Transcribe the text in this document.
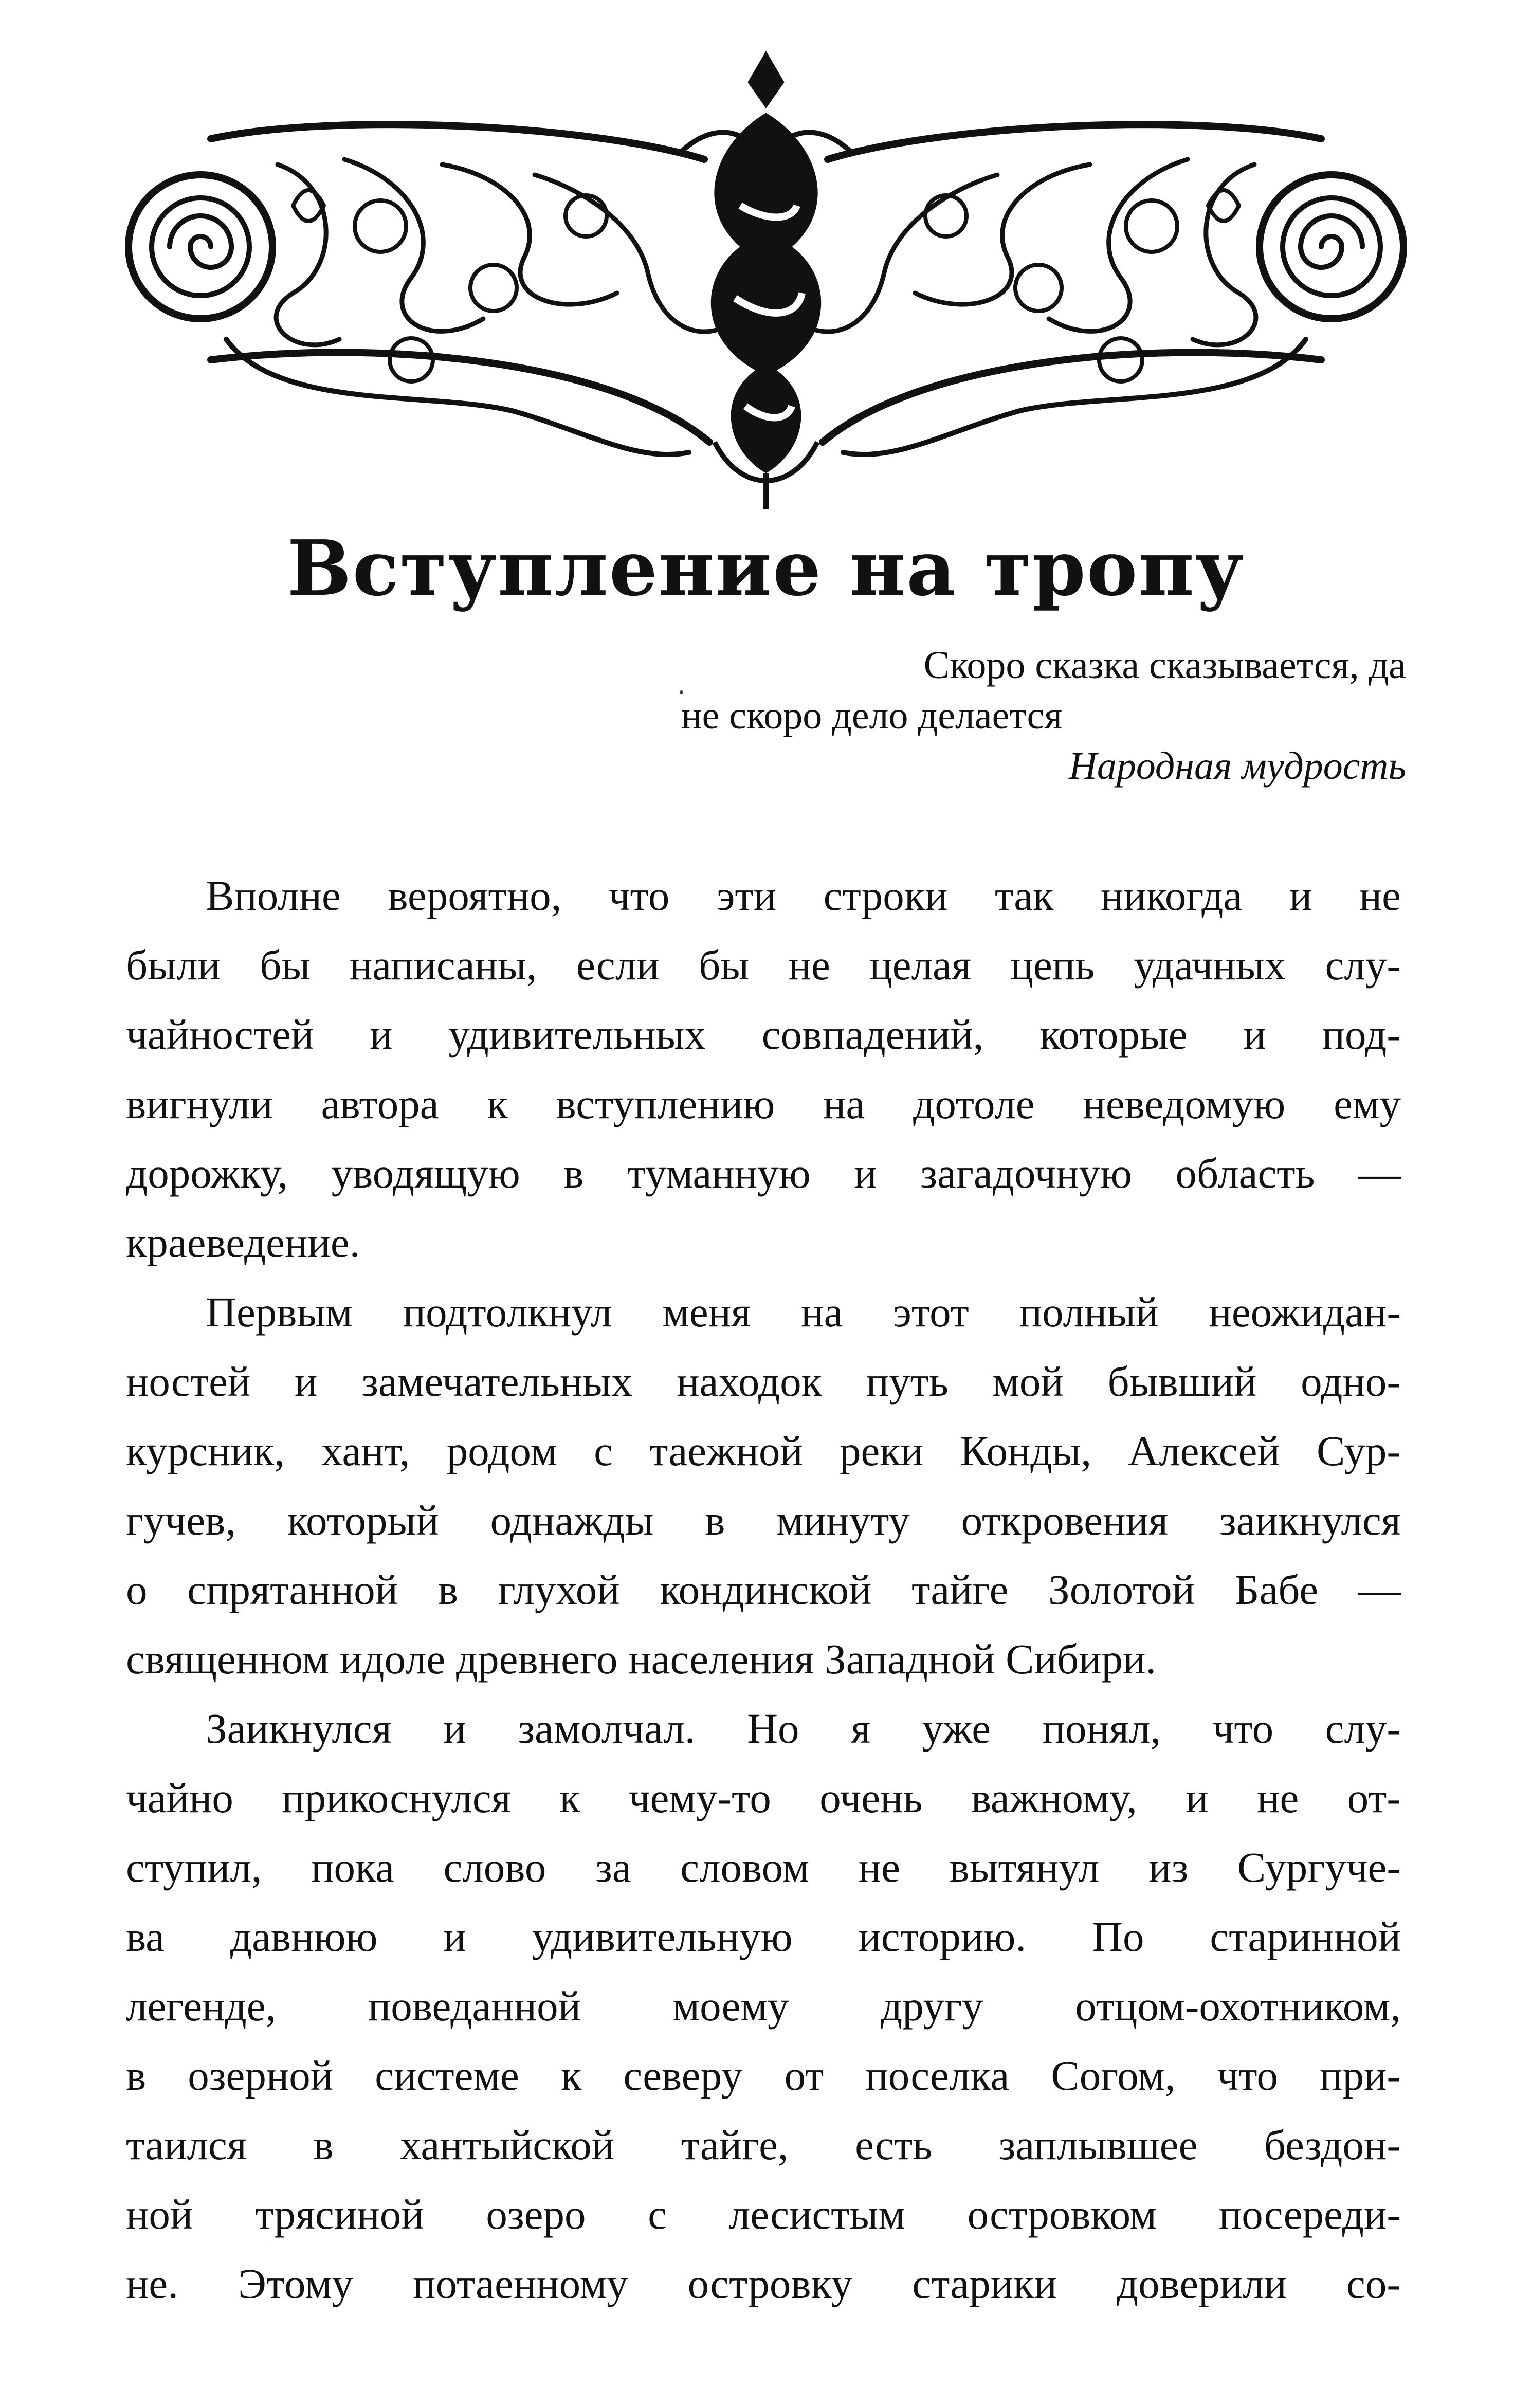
Вступление на тропу
Скоро сказка сказывается, да
не скоро дело делается
Народная мудрость
Вполне вероятно, что эти строки так никогда и не
были бы написаны, если бы не целая цепь удачных слу-
чайностей и удивительных совпадений, которые и под-
вигнули автора к вступлению на дотоле неведомую ему
дорожку, уводящую в туманную и загадочную область —
краеведение.
Первым подтолкнул меня на этот полный неожидан-
ностей и замечательных находок путь мой бывший одно-
курсник, хант, родом с таежной реки Конды, Алексей Сур-
гучев, который однажды в минуту откровения заикнулся
о спрятанной в глухой кондинской тайге Золотой Бабе —
священном идоле древнего населения Западной Сибири.
Заикнулся и замолчал. Но я уже понял, что слу-
чайно прикоснулся к чему-то очень важному, и не от-
ступил, пока слово за словом не вытянул из Сургуче-
ва давнюю и удивительную историю. По старинной
легенде, поведанной моему другу отцом-охотником,
в озерной системе к северу от поселка Согом, что при-
таился в хантыйской тайге, есть заплывшее бездон-
ной трясиной озеро с лесистым островком посереди-
не. Этому потаенному островку старики доверили со-
